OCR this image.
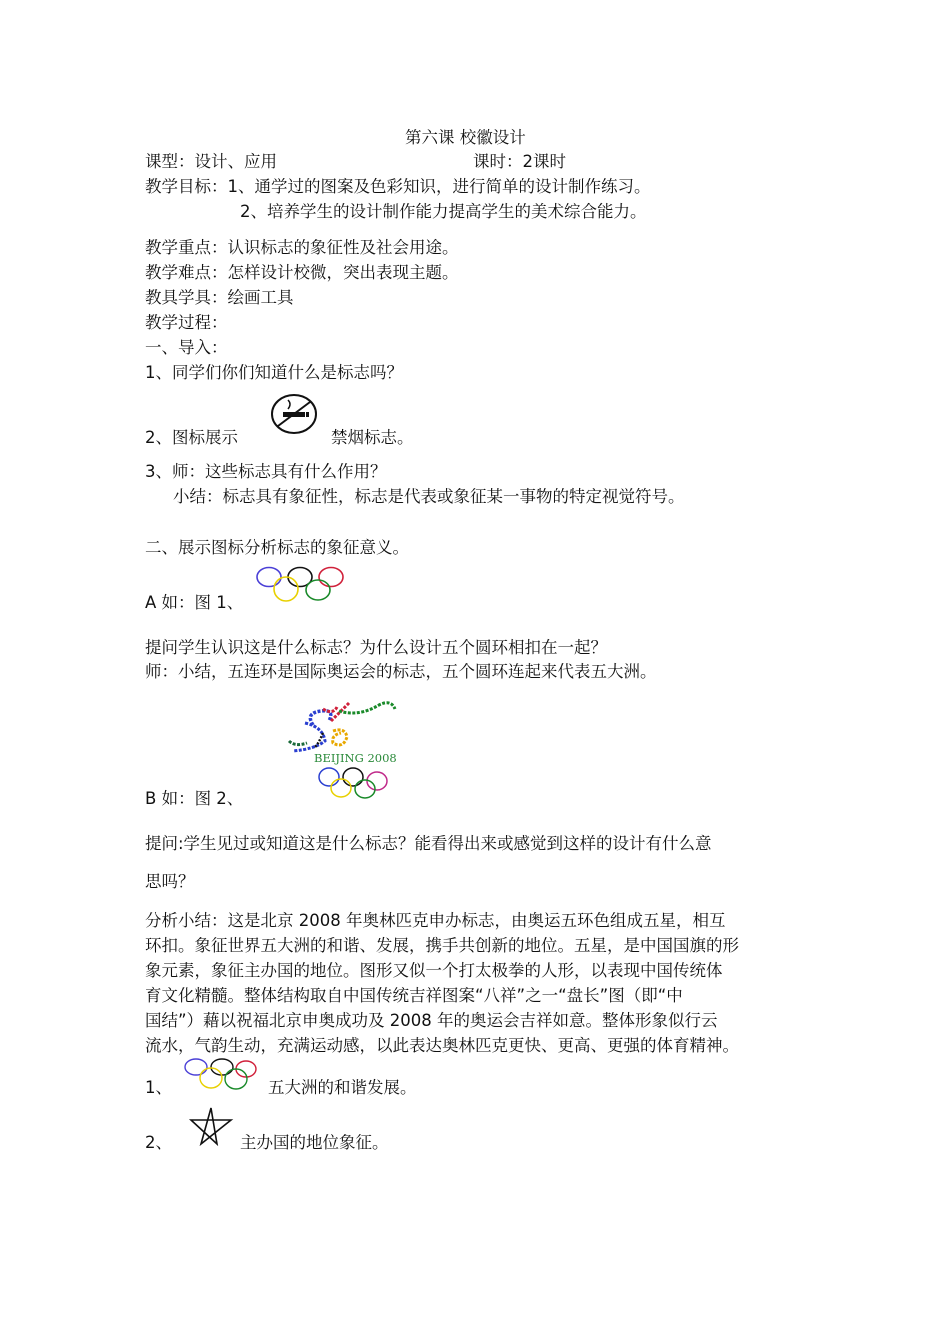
第六课 校徽设计
课型：设计、应用	课时：2课时
教学目标：1、通学过的图案及色彩知识，进行简单的设计制作练习。
2、培养学生的设计制作能力提高学生的美术综合能力。
教学重点：认识标志的象征性及社会用途。
教学难点：怎样设计校微，突出表现主题。
教具学具：绘画工具
教学过程：
一、导入：
1、同学们你们知道什么是标志吗？
2、图标展示	禁烟标志。
3、师：这些标志具有什么作用？
小结：标志具有象征性，标志是代表或象征某一事物的特定视觉符号。
二、展示图标分析标志的象征意义。
A 如：图 1、
提问学生认识这是什么标志？为什么设计五个圆环相扣在一起？
师：小结，五连环是国际奥运会的标志，五个圆环连起来代表五大洲。
BEIJING 2008
B 如：图 2、
提问:学生见过或知道这是什么标志？能看得出来或感觉到这样的设计有什么意
思吗？
分析小结：这是北京 2008 年奥林匹克申办标志，由奥运五环色组成五星，相互
环扣。象征世界五大洲的和谐、发展，携手共创新的地位。五星，是中国国旗的形
象元素，象征主办国的地位。图形又似一个打太极拳的人形，以表现中国传统体
育文化精髓。整体结构取自中国传统吉祥图案“八祥”之一“盘长”图（即“中
国结”）藉以祝福北京申奥成功及 2008 年的奥运会吉祥如意。整体形象似行云
流水，气韵生动，充满运动感，以此表达奥林匹克更快、更高、更强的体育精神。
1、	五大洲的和谐发展。
2、	主办国的地位象征。
